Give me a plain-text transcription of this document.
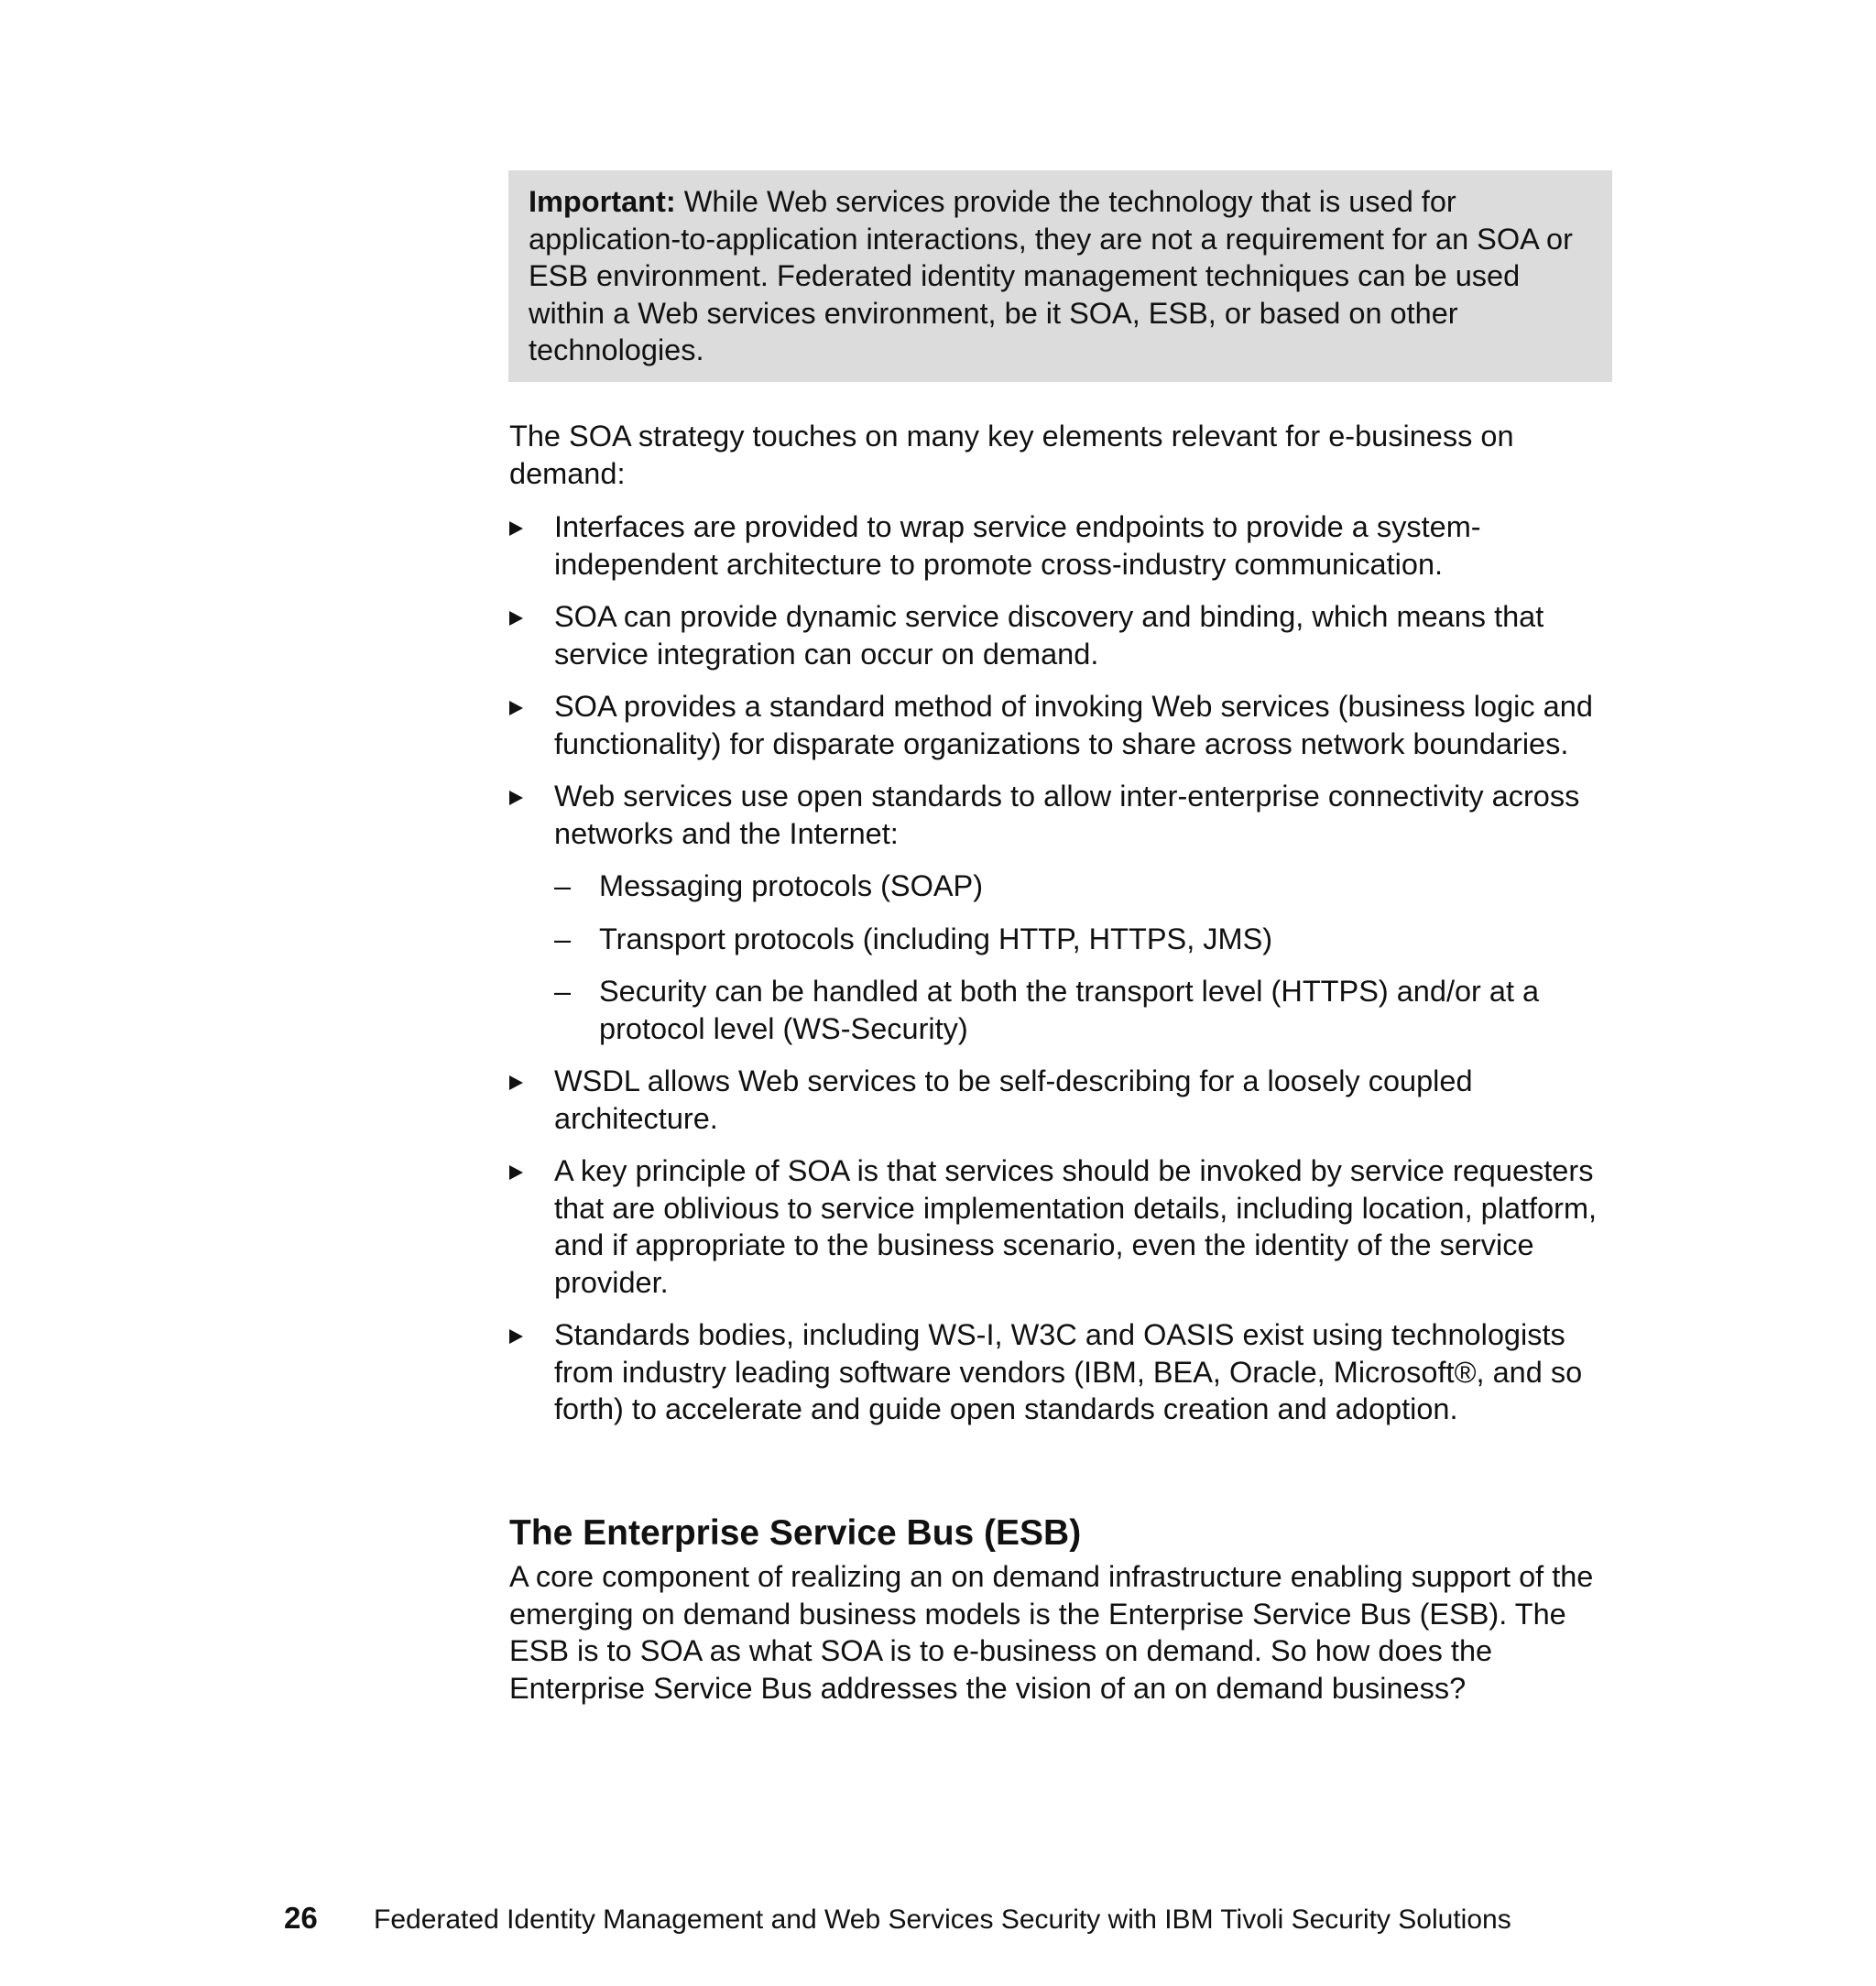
Important: While Web services provide the technology that is used for application-to-application interactions, they are not a requirement for an SOA or ESB environment. Federated identity management techniques can be used within a Web services environment, be it SOA, ESB, or based on other technologies.
The SOA strategy touches on many key elements relevant for e-business on demand:
Interfaces are provided to wrap service endpoints to provide a system-independent architecture to promote cross-industry communication.
SOA can provide dynamic service discovery and binding, which means that service integration can occur on demand.
SOA provides a standard method of invoking Web services (business logic and functionality) for disparate organizations to share across network boundaries.
Web services use open standards to allow inter-enterprise connectivity across networks and the Internet:
– Messaging protocols (SOAP)
– Transport protocols (including HTTP, HTTPS, JMS)
– Security can be handled at both the transport level (HTTPS) and/or at a protocol level (WS-Security)
WSDL allows Web services to be self-describing for a loosely coupled architecture.
A key principle of SOA is that services should be invoked by service requesters that are oblivious to service implementation details, including location, platform, and if appropriate to the business scenario, even the identity of the service provider.
Standards bodies, including WS-I, W3C and OASIS exist using technologists from industry leading software vendors (IBM, BEA, Oracle, Microsoft®, and so forth) to accelerate and guide open standards creation and adoption.
The Enterprise Service Bus (ESB)
A core component of realizing an on demand infrastructure enabling support of the emerging on demand business models is the Enterprise Service Bus (ESB). The ESB is to SOA as what SOA is to e-business on demand. So how does the Enterprise Service Bus addresses the vision of an on demand business?
26 Federated Identity Management and Web Services Security with IBM Tivoli Security Solutions
